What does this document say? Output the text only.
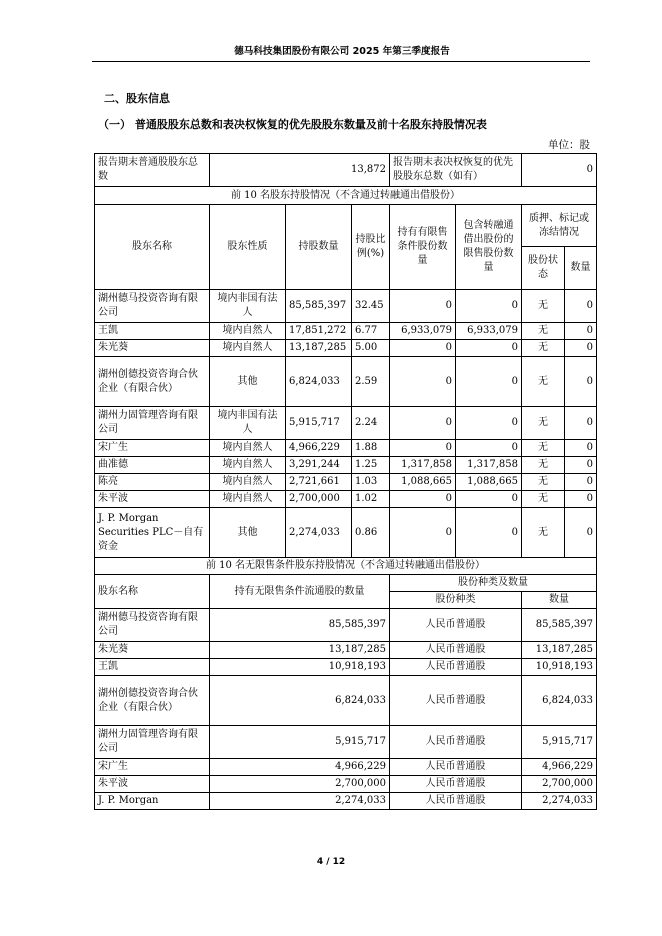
德马科技集团股份有限公司 2025 年第三季度报告
二、股东信息
（一） 普通股股东总数和表决权恢复的优先股股东数量及前十名股东持股情况表
单位：股
报告期末普通股股东总数	13,872			报告期末表决权恢复的优先股股东总数（如有）		0	
前 10 名股东持股情况（不含通过转融通出借股份）							
股东名称	股东性质	持股数量	持股比例(%)	持有有限售条件股份数量	包含转融通借出股份的限售股份数量	质押、标记或冻结情况	
						股份状态	数量
湖州德马投资咨询有限公司	境内非国有法人	85,585,397	32.45	0	0	无	0
王凯	境内自然人	17,851,272	6.77	6,933,079	6,933,079	无	0
朱光葵	境内自然人	13,187,285	5.00	0	0	无	0
湖州创德投资咨询合伙企业（有限合伙）	其他	6,824,033	2.59	0	0	无	0
湖州力固管理咨询有限公司	境内非国有法人	5,915,717	2.24	0	0	无	0
宋广生	境内自然人	4,966,229	1.88	0	0	无	0
曲准德	境内自然人	3,291,244	1.25	1,317,858	1,317,858	无	0
陈亮	境内自然人	2,721,661	1.03	1,088,665	1,088,665	无	0
朱平波	境内自然人	2,700,000	1.02	0	0	无	0
J. P. Morgan Securities PLC－自有资金	其他	2,274,033	0.86	0	0	无	0
前 10 名无限售条件股东持股情况（不含通过转融通出借股份）							
股东名称	持有无限售条件流通股的数量			股份种类及数量			
				股份种类		数量	
湖州德马投资咨询有限公司	85,585,397			人民币普通股		85,585,397	
朱光葵	13,187,285			人民币普通股		13,187,285	
王凯	10,918,193			人民币普通股		10,918,193	
湖州创德投资咨询合伙企业（有限合伙）	6,824,033			人民币普通股		6,824,033	
湖州力固管理咨询有限公司	5,915,717			人民币普通股		5,915,717	
宋广生	4,966,229			人民币普通股		4,966,229	
朱平波	2,700,000			人民币普通股		2,700,000	
J. P. Morgan	2,274,033			人民币普通股		2,274,033	
4 / 12
